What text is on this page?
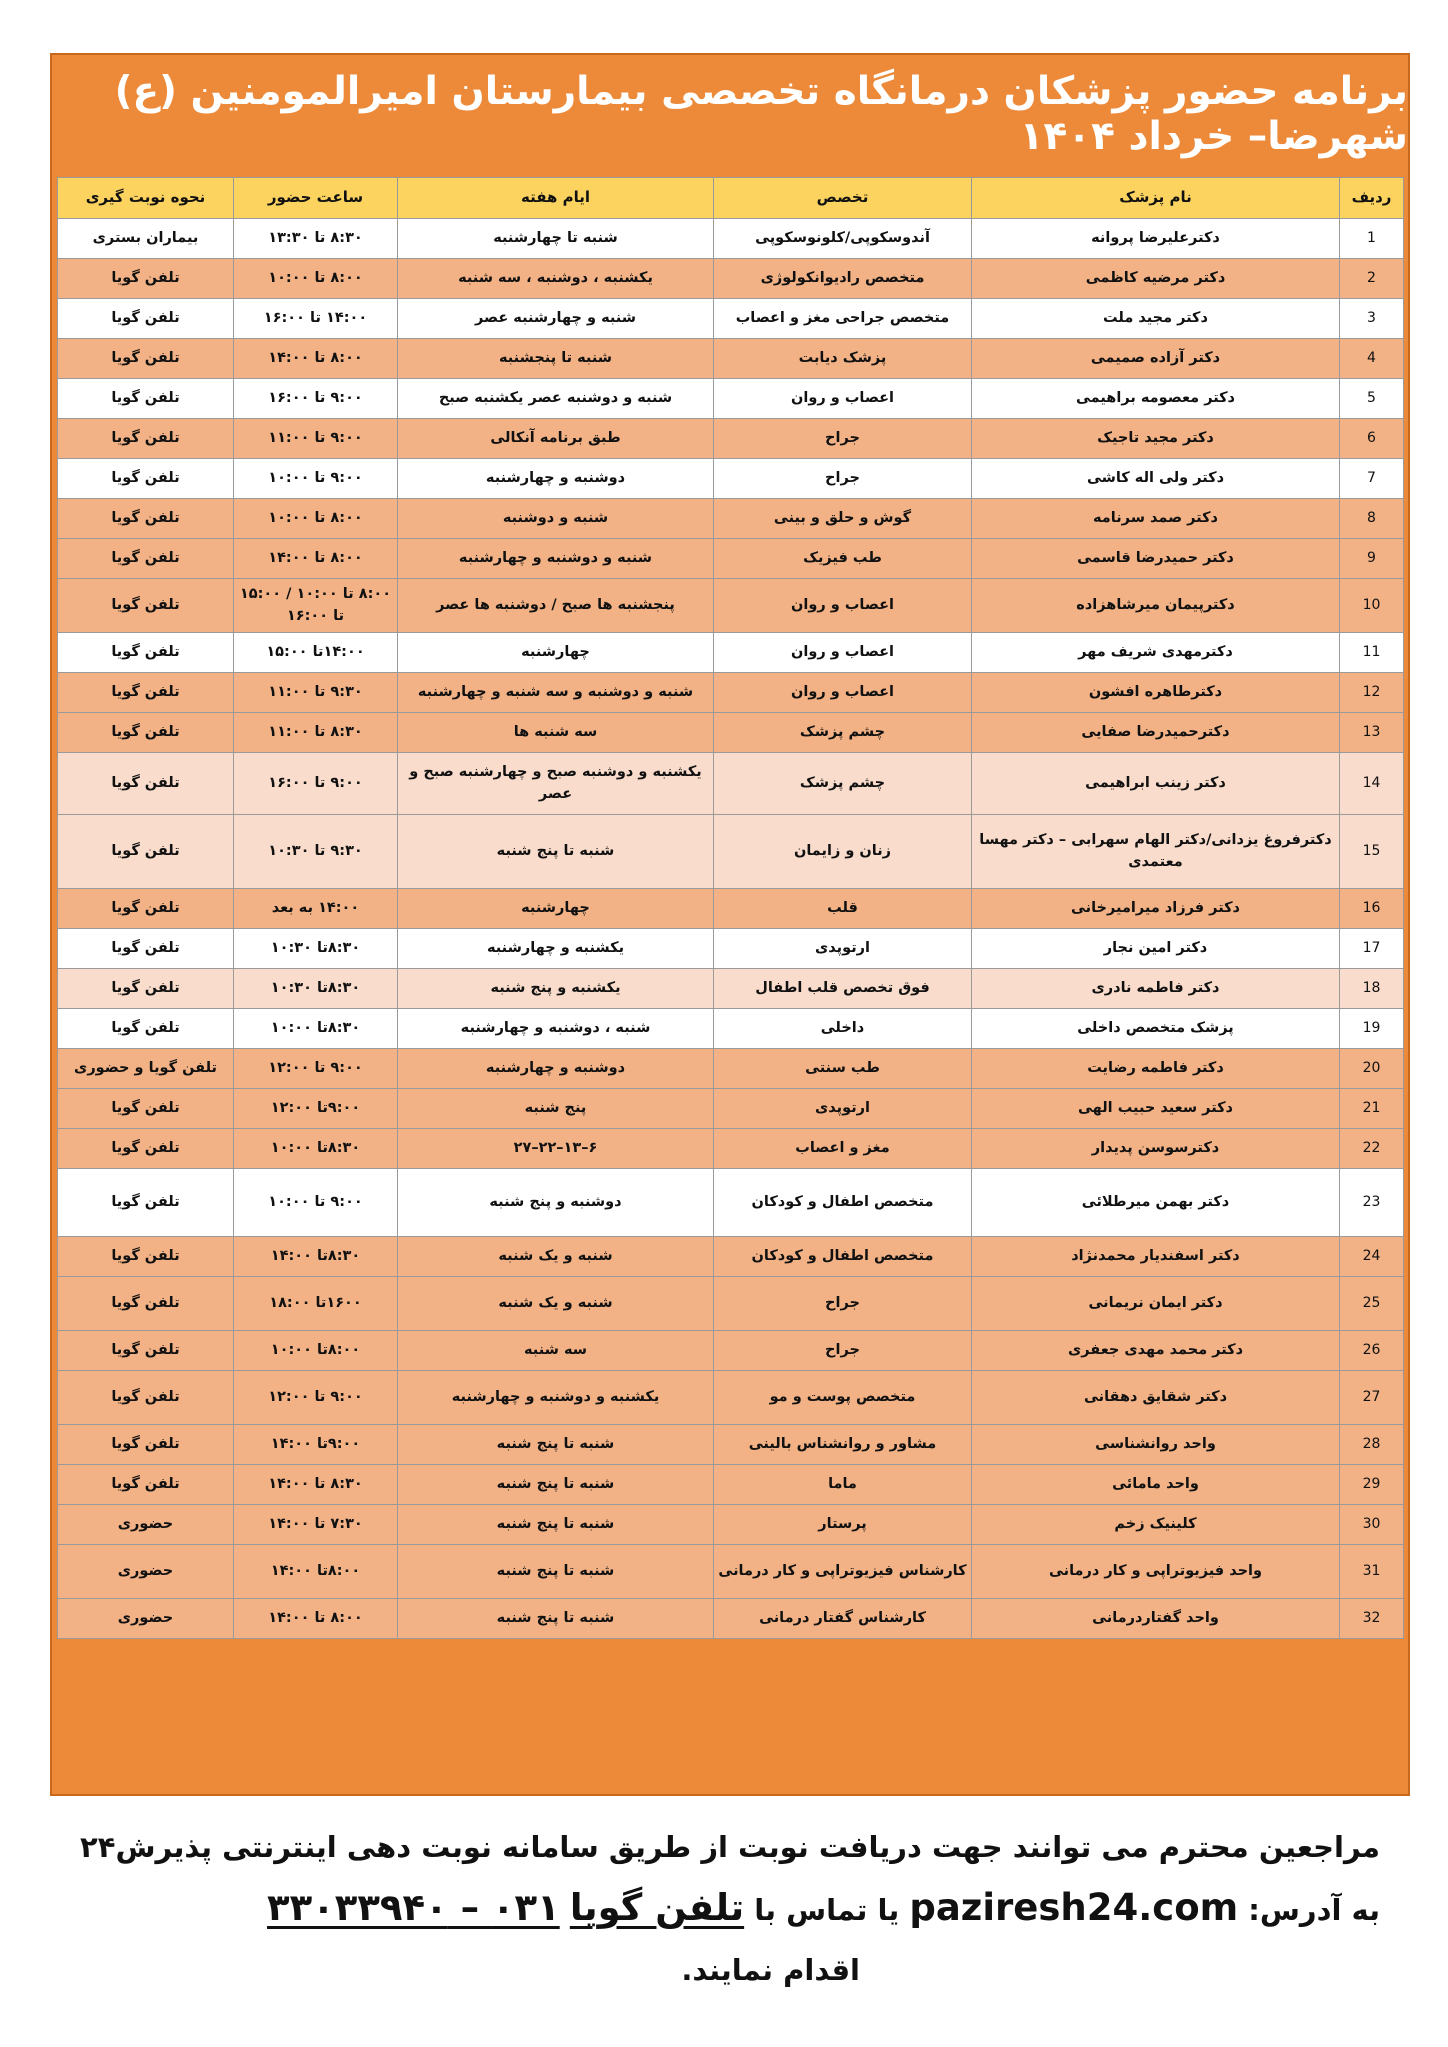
برنامه حضور پزشکان درمانگاه تخصصی بیمارستان امیرالمومنین (ع) شهرضا– خرداد ۱۴۰۴
ردیف	نام پزشک	تخصص	ایام هفته	ساعت حضور	نحوه نوبت گیری
1	دکترعلیرضا پروانه	آندوسکوپی/کلونوسکوپی	شنبه تا چهارشنبه	۸:۳۰ تا ۱۳:۳۰	بیماران بستری
2	دکتر مرضیه کاظمی	متخصص رادیوانکولوژی	یکشنبه ، دوشنبه ، سه شنبه	۸:۰۰ تا ۱۰:۰۰	تلفن گویا
3	دکتر مجید ملت	متخصص جراحی مغز و اعصاب	شنبه و چهارشنبه عصر	۱۴:۰۰ تا ۱۶:۰۰	تلفن گویا
4	دکتر آزاده صمیمی	پزشک دیابت	شنبه تا پنجشنبه	۸:۰۰ تا ۱۴:۰۰	تلفن گویا
5	دکتر معصومه براهیمی	اعصاب و روان	شنبه و دوشنبه عصر یکشنبه صبح	۹:۰۰ تا ۱۶:۰۰	تلفن گویا
6	دکتر مجید تاجیک	جراح	طبق برنامه آنکالی	۹:۰۰ تا ۱۱:۰۰	تلفن گویا
7	دکتر ولی اله کاشی	جراح	دوشنبه و چهارشنبه	۹:۰۰ تا ۱۰:۰۰	تلفن گویا
8	دکتر صمد سرنامه	گوش و حلق و بینی	شنبه و دوشنبه	۸:۰۰ تا ۱۰:۰۰	تلفن گویا
9	دکتر حمیدرضا قاسمی	طب فیزیک	شنبه و دوشنبه و چهارشنبه	۸:۰۰ تا ۱۴:۰۰	تلفن گویا
10	دکترپیمان میرشاهزاده	اعصاب و روان	پنجشنبه ها صبح / دوشنبه ها عصر	۸:۰۰ تا ۱۰:۰۰ / ۱۵:۰۰ تا ۱۶:۰۰	تلفن گویا
11	دکترمهدی شریف مهر	اعصاب و روان	چهارشنبه	۱۴:۰۰تا ۱۵:۰۰	تلفن گویا
12	دکترطاهره افشون	اعصاب و روان	شنبه و دوشنبه و سه شنبه و چهارشنبه	۹:۳۰ تا ۱۱:۰۰	تلفن گویا
13	دکترحمیدرضا صفایی	چشم پزشک	سه شنبه ها	۸:۳۰ تا ۱۱:۰۰	تلفن گویا
14	دکتر زینب ابراهیمی	چشم پزشک	یکشنبه و دوشنبه صبح و چهارشنبه صبح و عصر	۹:۰۰ تا ۱۶:۰۰	تلفن گویا
15	دکترفروغ یزدانی/دکتر الهام سهرابی – دکتر مهسا معتمدی	زنان و زایمان	شنبه تا پنج شنبه	۹:۳۰ تا ۱۰:۳۰	تلفن گویا
16	دکتر فرزاد میرامیرخانی	قلب	چهارشنبه	۱۴:۰۰ به بعد	تلفن گویا
17	دکتر امین نجار	ارتوپدی	یکشنبه و چهارشنبه	۸:۳۰تا ۱۰:۳۰	تلفن گویا
18	دکتر فاطمه نادری	فوق تخصص قلب اطفال	یکشنبه و پنج شنبه	۸:۳۰تا ۱۰:۳۰	تلفن گویا
19	پزشک متخصص داخلی	داخلی	شنبه ، دوشنبه و چهارشنبه	۸:۳۰تا ۱۰:۰۰	تلفن گویا
20	دکتر فاطمه رضایت	طب سنتی	دوشنبه و چهارشنبه	۹:۰۰ تا ۱۲:۰۰	تلفن گویا و حضوری
21	دکتر سعید حبیب الهی	ارتوپدی	پنج شنبه	۹:۰۰تا ۱۲:۰۰	تلفن گویا
22	دکترسوسن پدیدار	مغز و اعصاب	۶–۱۳–۲۲–۲۷	۸:۳۰تا ۱۰:۰۰	تلفن گویا
23	دکتر بهمن میرطلائی	متخصص اطفال و کودکان	دوشنبه و پنج شنبه	۹:۰۰ تا ۱۰:۰۰	تلفن گویا
24	دکتر اسفندیار محمدنژاد	متخصص اطفال و کودکان	شنبه و یک شنبه	۸:۳۰تا ۱۴:۰۰	تلفن گویا
25	دکتر ایمان نریمانی	جراح	شنبه و یک شنبه	۱۶۰۰تا ۱۸:۰۰	تلفن گویا
26	دکتر محمد مهدی جعفری	جراح	سه شنبه	۸:۰۰تا ۱۰:۰۰	تلفن گویا
27	دکتر شقایق دهقانی	متخصص پوست و مو	یکشنبه و دوشنبه و چهارشنبه	۹:۰۰ تا ۱۲:۰۰	تلفن گویا
28	واحد روانشناسی	مشاور و روانشناس بالینی	شنبه تا پنج شنبه	۹:۰۰تا ۱۴:۰۰	تلفن گویا
29	واحد مامائی	ماما	شنبه تا پنج شنبه	۸:۳۰ تا ۱۴:۰۰	تلفن گویا
30	کلینیک زخم	پرستار	شنبه تا پنج شنبه	۷:۳۰ تا ۱۴:۰۰	حضوری
31	واحد فیزیوتراپی و کار درمانی	کارشناس فیزیوتراپی و کار درمانی	شنبه تا پنج شنبه	۸:۰۰تا ۱۴:۰۰	حضوری
32	واحد گفتاردرمانی	کارشناس گفتار درمانی	شنبه تا پنج شنبه	۸:۰۰ تا ۱۴:۰۰	حضوری
مراجعین محترم می توانند جهت دریافت نوبت از طریق سامانه نوبت دهی اینترنتی پذیرش۲۴
به آدرس: paziresh24.com یا تماس با تلفن گویا ۰۳۱ – ۳۳۰۳۳۹۴۰
اقدام نمایند.
